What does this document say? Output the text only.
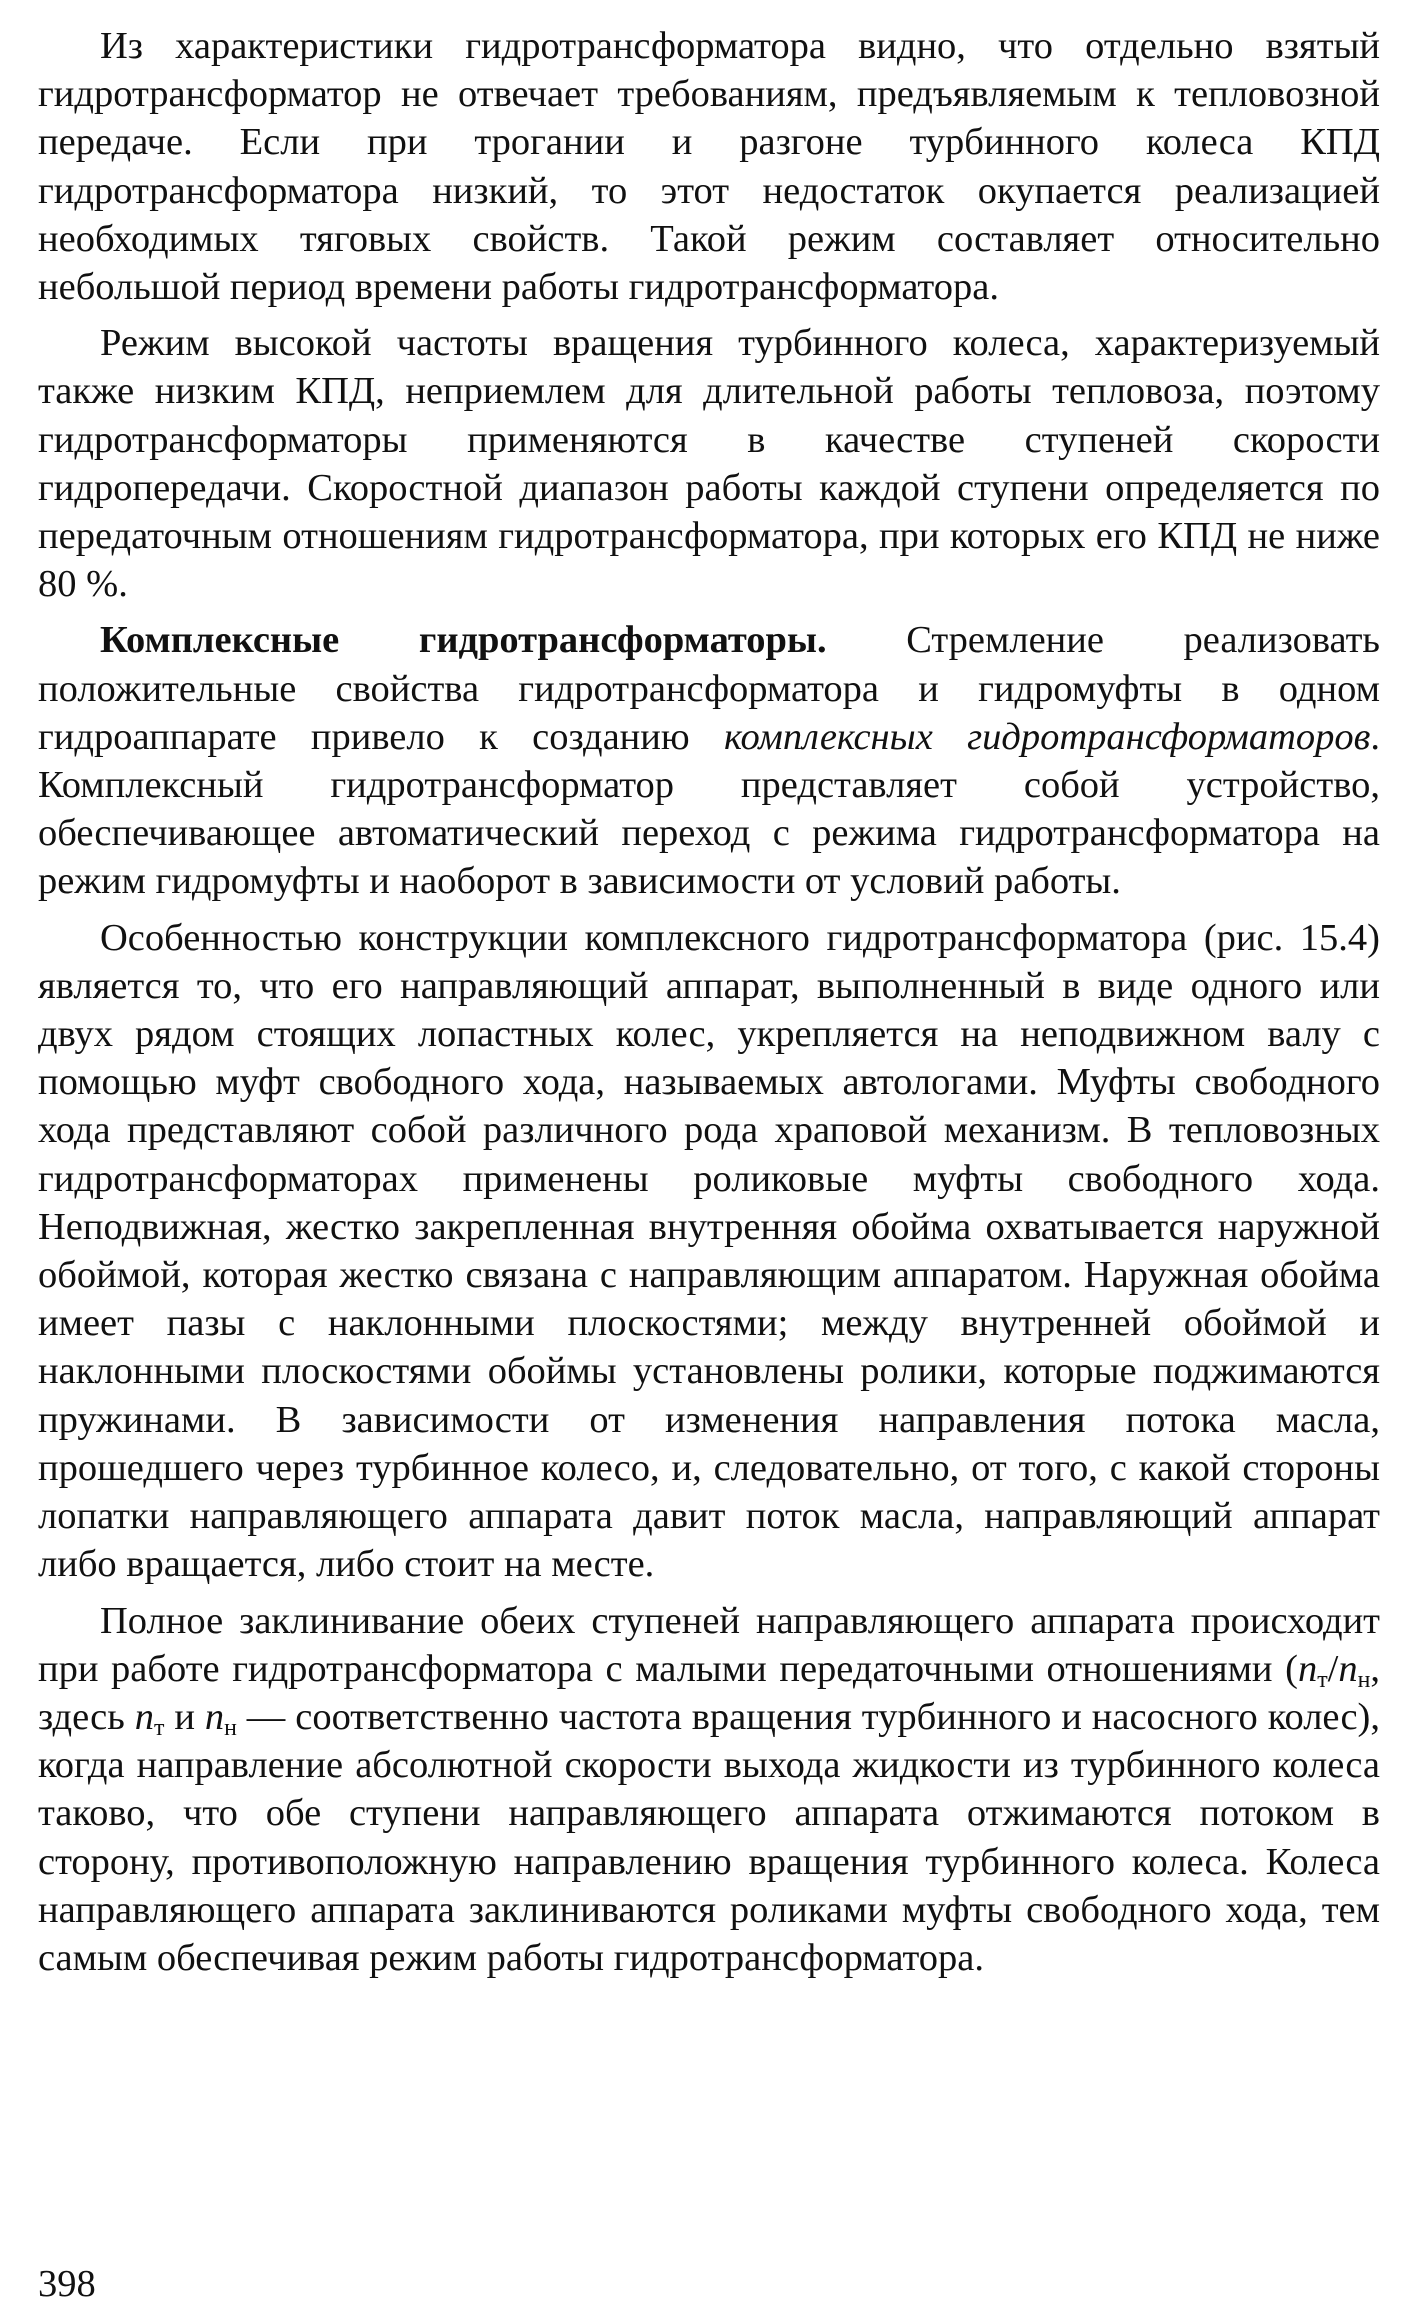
Из характеристики гидротрансформатора видно, что отдельно взятый гидротрансформатор не отвечает требованиям, предъявляемым к тепловозной передаче. Если при трогании и разгоне турбинного колеса КПД гидротрансформатора низкий, то этот недостаток окупается реализацией необходимых тяговых свойств. Такой режим составляет относительно небольшой период времени работы гидротрансформатора.

Режим высокой частоты вращения турбинного колеса, характеризуемый также низким КПД, неприемлем для длительной работы тепловоза, поэтому гидротрансформаторы применяются в качестве ступеней скорости гидропередачи. Скоростной диапазон работы каждой ступени определяется по передаточным отношениям гидротрансформатора, при которых его КПД не ниже 80 %.

Комплексные гидротрансформаторы. Стремление реализовать положительные свойства гидротрансформатора и гидромуфты в одном гидроаппарате привело к созданию комплексных гидротрансформаторов. Комплексный гидротрансформатор представляет собой устройство, обеспечивающее автоматический переход с режима гидротрансформатора на режим гидромуфты и наоборот в зависимости от условий работы.

Особенностью конструкции комплексного гидротрансформатора (рис. 15.4) является то, что его направляющий аппарат, выполненный в виде одного или двух рядом стоящих лопастных колес, укрепляется на неподвижном валу с помощью муфт свободного хода, называемых автологами. Муфты свободного хода представляют собой различного рода храповой механизм. В тепловозных гидротрансформаторах применены роликовые муфты свободного хода. Неподвижная, жестко закрепленная внутренняя обойма охватывается наружной обоймой, которая жестко связана с направляющим аппаратом. Наружная обойма имеет пазы с наклонными плоскостями; между внутренней обоймой и наклонными плоскостями обоймы установлены ролики, которые поджимаются пружинами. В зависимости от изменения направления потока масла, прошедшего через турбинное колесо, и, следовательно, от того, с какой стороны лопатки направляющего аппарата давит поток масла, направляющий аппарат либо вращается, либо стоит на месте.

Полное заклинивание обеих ступеней направляющего аппарата происходит при работе гидротрансформатора с малыми передаточными отношениями ($n_т/n_н$, здесь $n_т$ и $n_н$ — соответственно частота вращения турбинного и насосного колес), когда направление абсолютной скорости выхода жидкости из турбинного колеса таково, что обе ступени направляющего аппарата отжимаются потоком в сторону, противоположную направлению вращения турбинного колеса. Колеса направляющего аппарата заклиниваются роликами муфты свободного хода, тем самым обеспечивая режим работы гидротрансформатора.

398
